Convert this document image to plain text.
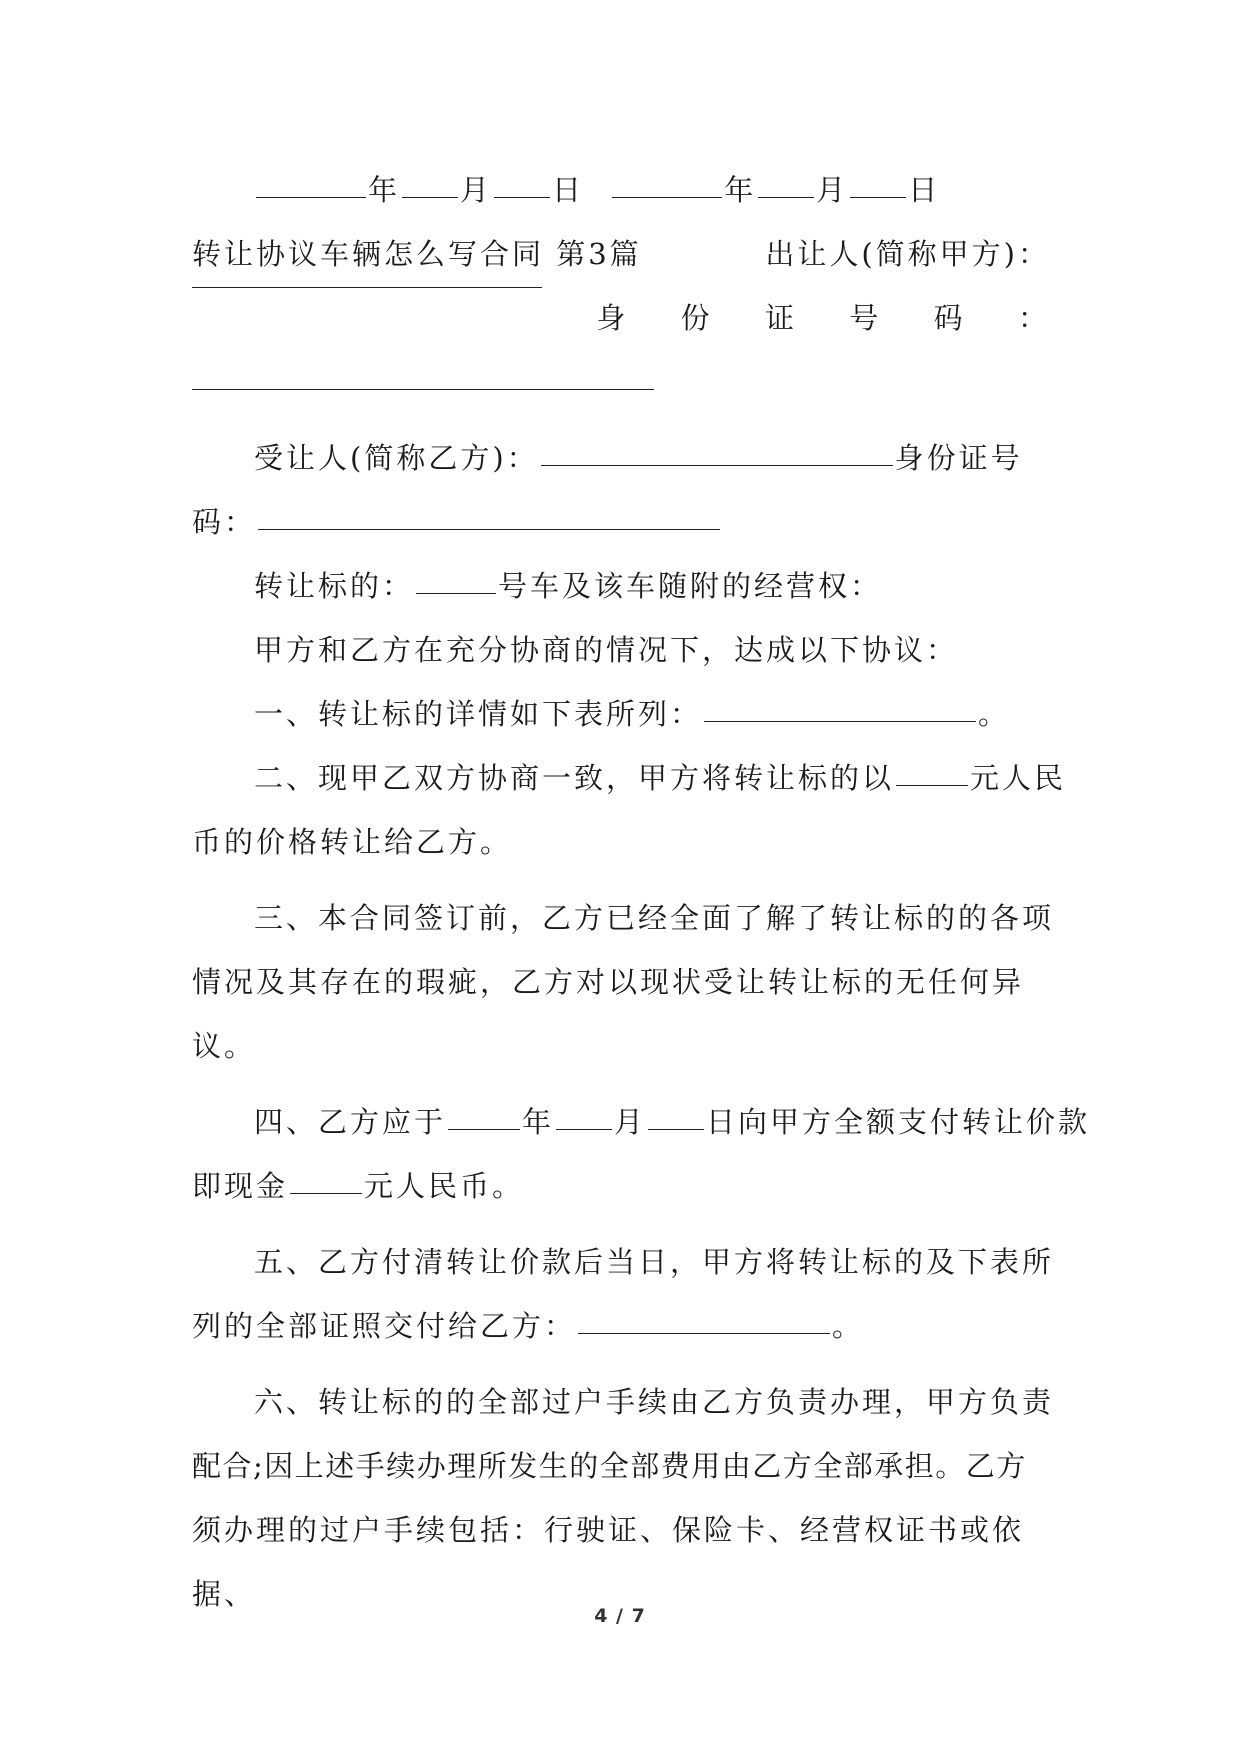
年 月 日	年 月 日
转让协议车辆怎么写合同 第3篇	出让人(简称甲方)：
身 份 证 号 码 ：
受让人(简称乙方)：	身份证号
码：
转让标的：	号车及该车随附的经营权：
甲方和乙方在充分协商的情况下，达成以下协议：
一、转让标的详情如下表所列：	。
二、现甲乙双方协商一致，甲方将转让标的以	元人民
币的价格转让给乙方。
三、本合同签订前，乙方已经全面了解了转让标的的各项
情况及其存在的瑕疵，乙方对以现状受让转让标的无任何异
议。
四、乙方应于	年 月 日向甲方全额支付转让价款
即现金	元人民币。
五、乙方付清转让价款后当日，甲方将转让标的及下表所
列的全部证照交付给乙方：	。
六、转让标的的全部过户手续由乙方负责办理，甲方负责
配合;因上述手续办理所发生的全部费用由乙方全部承担。乙方
须办理的过户手续包括：行驶证、保险卡、经营权证书或依
据、
4 / 7
